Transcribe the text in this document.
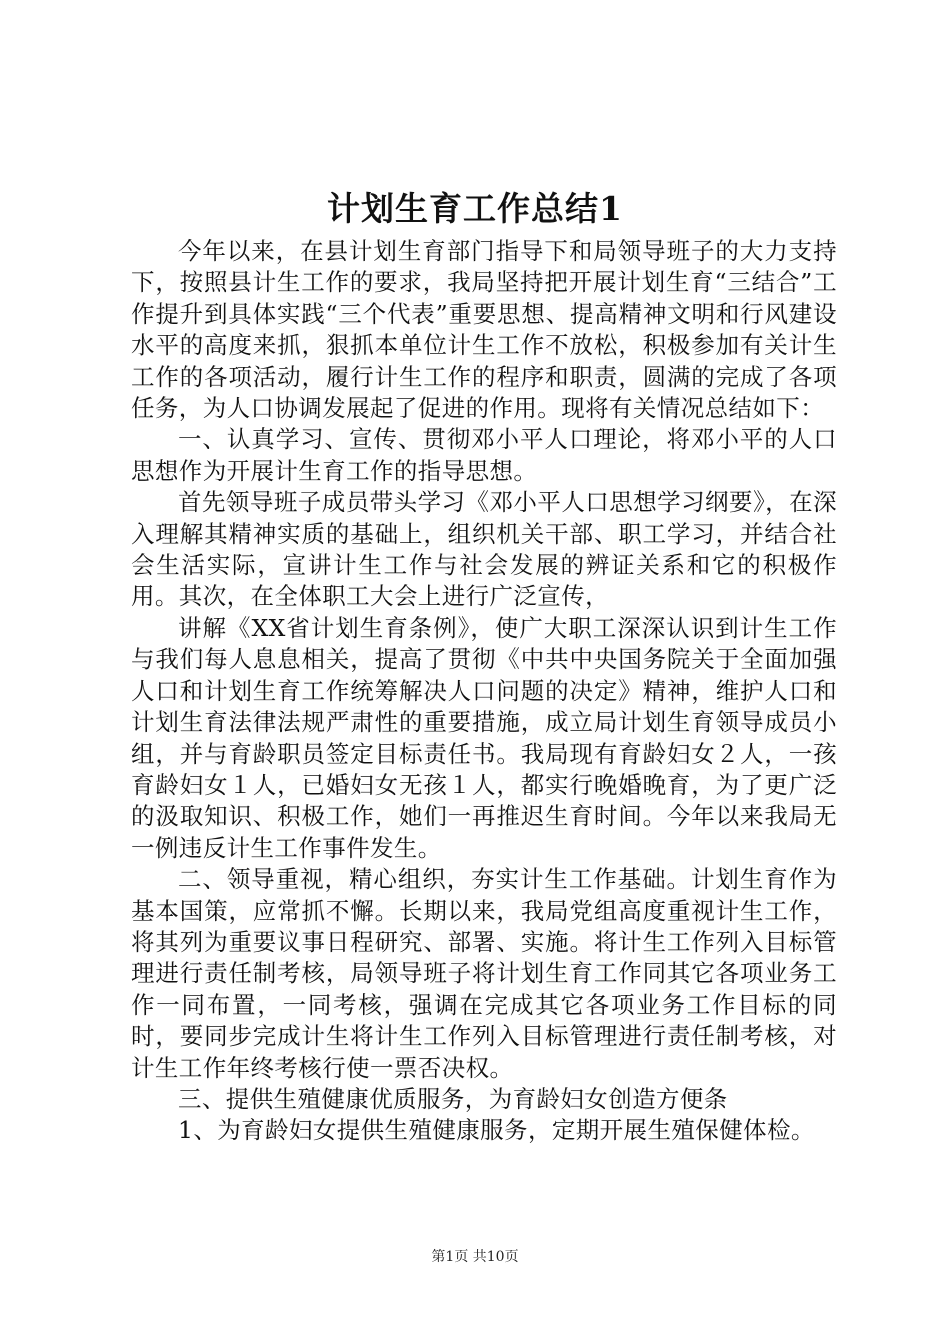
计划生育工作总结1

今年以来，在县计划生育部门指导下和局领导班子的大力支持下，按照县计生工作的要求，我局坚持把开展计划生育“三结合”工作提升到具体实践“三个代表”重要思想、提高精神文明和行风建设水平的高度来抓，狠抓本单位计生工作不放松，积极参加有关计生工作的各项活动，履行计生工作的程序和职责，圆满的完成了各项任务，为人口协调发展起了促进的作用。现将有关情况总结如下：

一、认真学习、宣传、贯彻邓小平人口理论，将邓小平的人口思想作为开展计生育工作的指导思想。

首先领导班子成员带头学习《邓小平人口思想学习纲要》，在深入理解其精神实质的基础上，组织机关干部、职工学习，并结合社会生活实际，宣讲计生工作与社会发展的辨证关系和它的积极作用。其次，在全体职工大会上进行广泛宣传，

讲解《XX省计划生育条例》，使广大职工深深认识到计生工作与我们每人息息相关，提高了贯彻《中共中央国务院关于全面加强人口和计划生育工作统筹解决人口问题的决定》精神，维护人口和计划生育法律法规严肃性的重要措施，成立局计划生育领导成员小组，并与育龄职员签定目标责任书。我局现有育龄妇女２人，一孩育龄妇女１人，已婚妇女无孩１人，都实行晚婚晚育，为了更广泛的汲取知识、积极工作，她们一再推迟生育时间。今年以来我局无一例违反计生工作事件发生。

二、领导重视，精心组织，夯实计生工作基础。计划生育作为基本国策，应常抓不懈。长期以来，我局党组高度重视计生工作，将其列为重要议事日程研究、部署、实施。将计生工作列入目标管理进行责任制考核，局领导班子将计划生育工作同其它各项业务工作一同布置，一同考核，强调在完成其它各项业务工作目标的同时，要同步完成计生将计生工作列入目标管理进行责任制考核，对计生工作年终考核行使一票否决权。

三、提供生殖健康优质服务，为育龄妇女创造方便条

1、为育龄妇女提供生殖健康服务，定期开展生殖保健体检。

第1页 共10页
